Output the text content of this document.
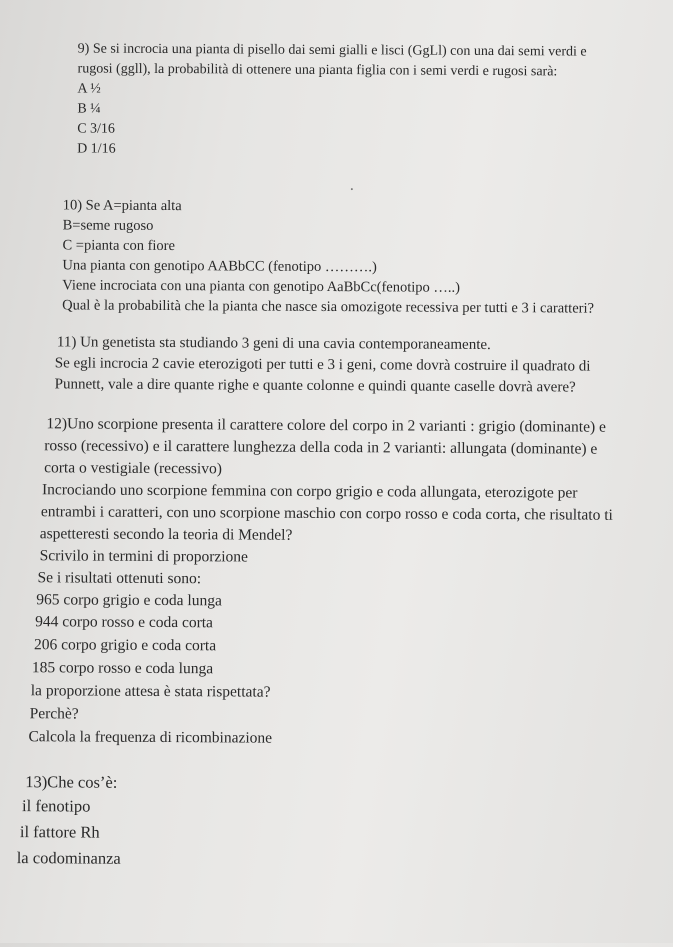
9) Se si incrocia una pianta di pisello dai semi gialli e lisci (GgLl) con una dai semi verdi e
rugosi (ggll), la probabilità di ottenere una pianta figlia con i semi verdi e rugosi sarà:
A ½
B ¼
C 3/16
D 1/16
10) Se A=pianta alta
B=seme rugoso
C =pianta con fiore
Una pianta con genotipo AABbCC (fenotipo ……….)
Viene incrociata con una pianta con genotipo AaBbCc(fenotipo …..)
Qual è la probabilità che la pianta che nasce sia omozigote recessiva per tutti e 3 i caratteri?
11) Un genetista sta studiando 3 geni di una cavia contemporaneamente.
Se egli incrocia 2 cavie eterozigoti per tutti e 3 i geni, come dovrà costruire il quadrato di
Punnett, vale a dire quante righe e quante colonne e quindi quante caselle dovrà avere?
12)Uno scorpione presenta il carattere colore del corpo in 2 varianti : grigio (dominante) e
rosso (recessivo) e il carattere lunghezza della coda in 2 varianti: allungata (dominante) e
corta o vestigiale (recessivo)
Incrociando uno scorpione femmina con corpo grigio e coda allungata, eterozigote per
entrambi i caratteri, con uno scorpione maschio con corpo rosso e coda corta, che risultato ti
aspetteresti secondo la teoria di Mendel?
Scrivilo in termini di proporzione
Se i risultati ottenuti sono:
965 corpo grigio e coda lunga
944 corpo rosso e coda corta
206 corpo grigio e coda corta
185 corpo rosso e coda lunga
la proporzione attesa è stata rispettata?
Perchè?
Calcola la frequenza di ricombinazione
13)Che cos’è:
il fenotipo
il fattore Rh
la codominanza
